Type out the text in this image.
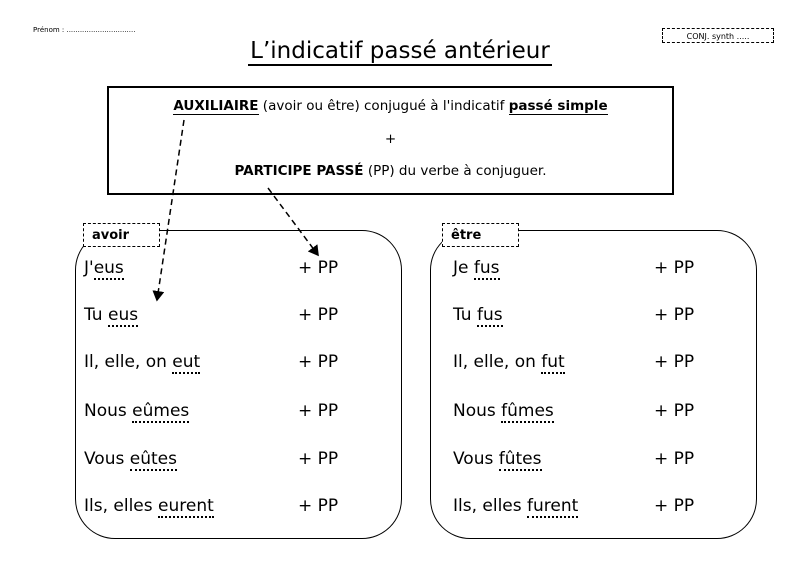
Prénom : ...............................
CONJ. synth .....
L’indicatif passé antérieur
AUXILIAIRE (avoir ou être) conjugué à l'indicatif passé simple
+
PARTICIPE PASSÉ (PP) du verbe à conjuguer.
avoir	être
J'eus	+ PP
Tu eus	+ PP
Il, elle, on eut	+ PP
Nous eûmes	+ PP
Vous eûtes	+ PP
Ils, elles eurent	+ PP
Je fus	+ PP
Tu fus	+ PP
Il, elle, on fut	+ PP
Nous fûmes	+ PP
Vous fûtes	+ PP
Ils, elles furent	+ PP
